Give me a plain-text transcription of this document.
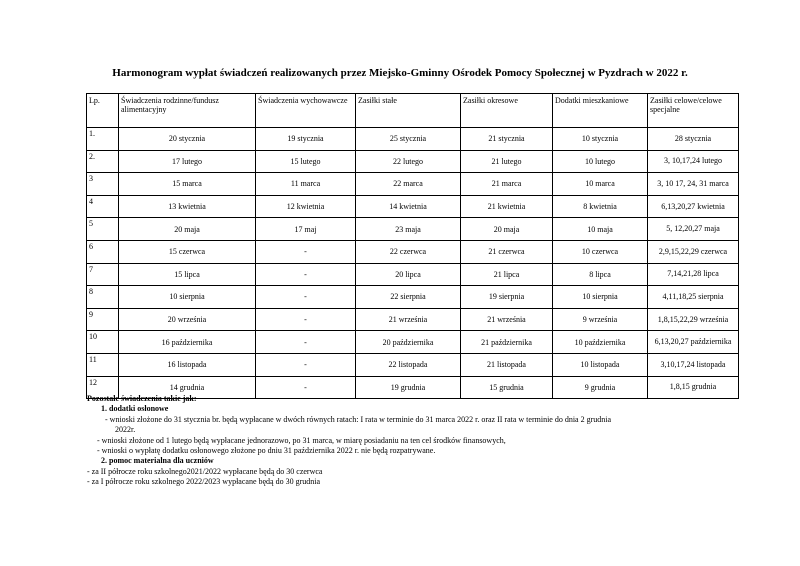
Harmonogram wypłat świadczeń realizowanych przez Miejsko-Gminny Ośrodek Pomocy Społecznej w Pyzdrach w 2022 r.
Lp.	Świadczenia rodzinne/fundusz alimentacyjny	Świadczenia wychowawcze	Zasiłki stałe	Zasiłki okresowe	Dodatki mieszkaniowe	Zasiłki celowe/celowe specjalne
1.	20 stycznia	19 stycznia	25 stycznia	21 stycznia	10 stycznia	28 stycznia
2.	17 lutego	15 lutego	22 lutego	21 lutego	10 lutego	3, 10,17,24 lutego
3	15 marca	11 marca	22 marca	21 marca	10 marca	3, 10 17, 24, 31 marca
4	13 kwietnia	12 kwietnia	14 kwietnia	21 kwietnia	8 kwietnia	6,13,20,27 kwietnia
5	20 maja	17 maj	23 maja	20 maja	10 maja	5, 12,20,27 maja
6	15 czerwca	-	22 czerwca	21 czerwca	10 czerwca	2,9,15,22,29 czerwca
7	15 lipca	-	20 lipca	21 lipca	8 lipca	7,14,21,28 lipca
8	10 sierpnia	-	22 sierpnia	19 sierpnia	10 sierpnia	4,11,18,25 sierpnia
9	20 września	-	21 września	21 września	9 września	1,8,15,22,29 września
10	16 października	-	20 października	21 października	10 października	6,13,20,27 października
11	16 listopada	-	22 listopada	21 listopada	10 listopada	3,10,17,24 listopada
12	14 grudnia	-	19 grudnia	15 grudnia	9 grudnia	1,8,15 grudnia
Pozostałe świadczenia takie jak:
1. dodatki osłonowe
- wnioski złożone do 31 stycznia br. będą wypłacane w dwóch równych ratach: I rata w terminie do 31 marca 2022 r. oraz II rata w terminie do dnia 2 grudnia
2022r.
- wnioski złożone od 1 lutego będą wypłacane jednorazowo, po 31 marca, w miarę posiadaniu na ten cel środków finansowych,
- wnioski o wypłatę dodatku osłonowego złożone po dniu 31 października 2022 r. nie będą rozpatrywane.
2. pomoc materialna dla uczniów
- za II półrocze roku szkolnego2021/2022 wypłacane będą do 30 czerwca
- za I półrocze roku szkolnego 2022/2023 wypłacane będą do 30 grudnia
